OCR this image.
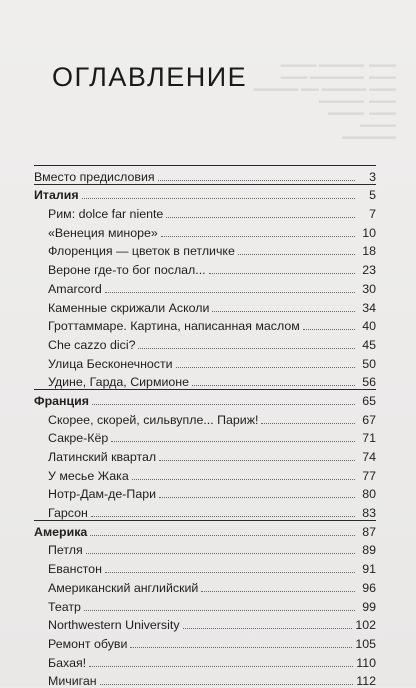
▬▬▬▬ ▬▬▬▬▬  ▬▬▬
▬▬▬ ▬▬▬▬▬▬  ▬▬▬
▬▬▬▬▬ ▬▬ ▬▬▬▬▬ ▬▬▬
▬▬▬▬▬  ▬▬▬
▬▬▬▬  ▬▬▬
▬▬▬▬
▬▬▬▬▬▬
ОГЛАВЛЕНИЕ
Вместо предисловия	3
Италия	5
Рим: dolce far niente	7
«Венеция миноре»	10
Флоренция — цветок в петличке	18
Вероне где-то бог послал...	23
Amarcord	30
Каменные скрижали Асколи	34
Гроттаммаре. Картина, написанная маслом	40
Che cazzo dici?	45
Улица Бесконечности	50
Удине, Гарда, Сирмионе	56
Франция	65
Скорее, скорей, сильвупле... Париж!	67
Сакре-Кёр	71
Латинский квартал	74
У месье Жака	77
Нотр-Дам-де-Пари	80
Гарсон	83
Америка	87
Петля	89
Еванстон	91
Американский английский	96
Театр	99
Northwestern University	102
Ремонт обуви	105
Бахая!	110
Мичиган	112
